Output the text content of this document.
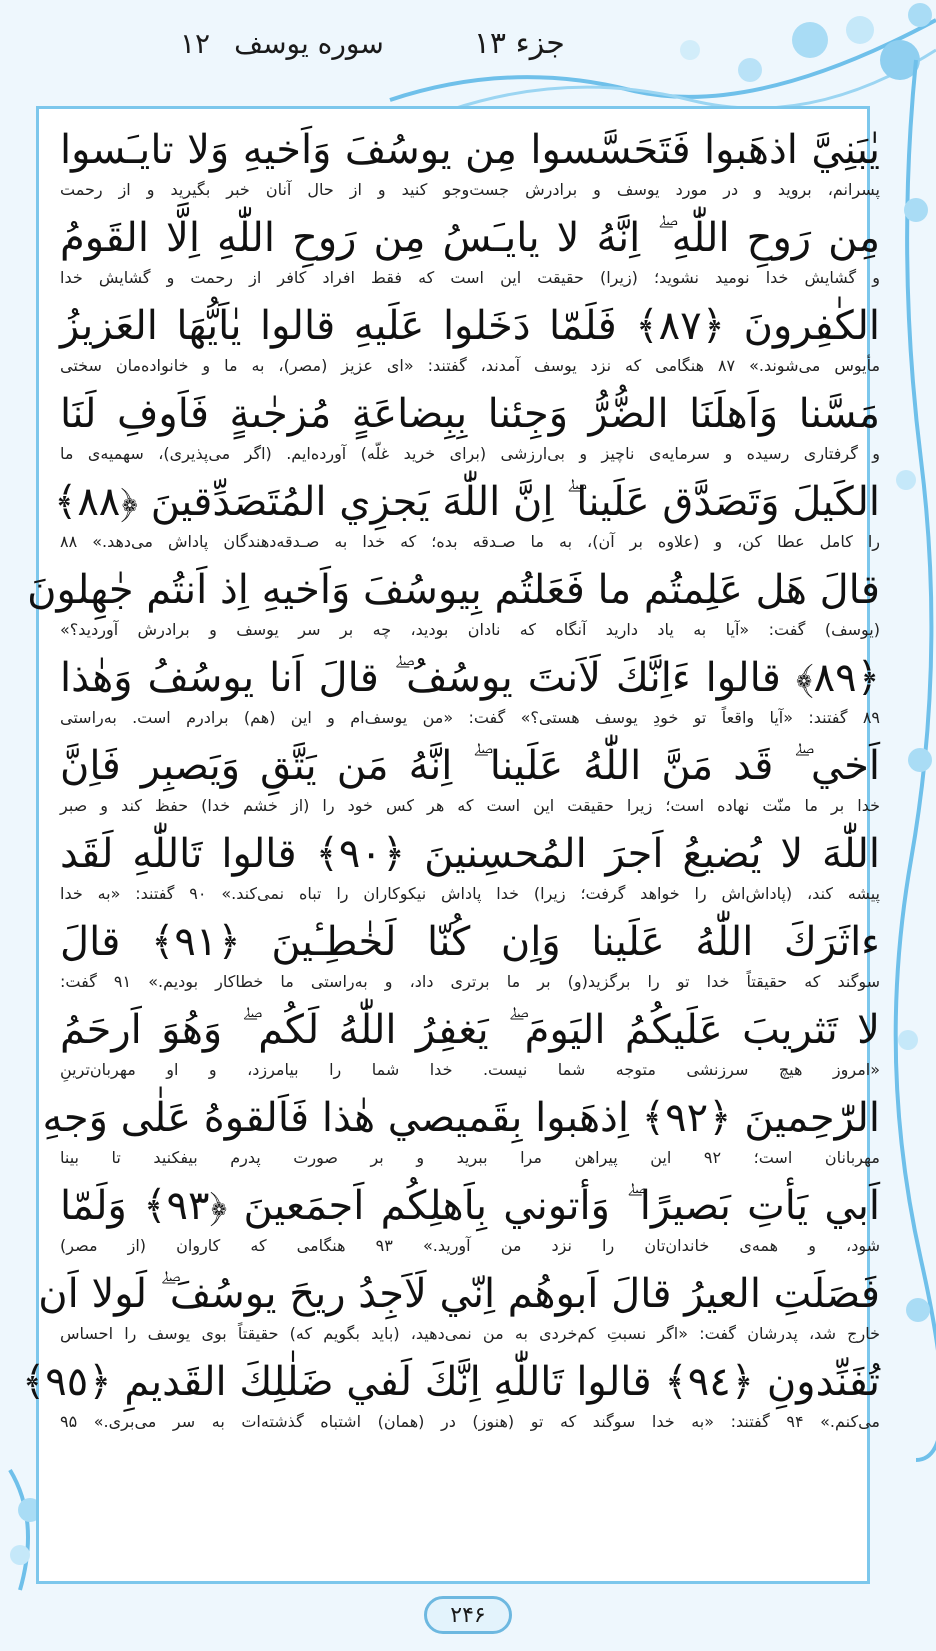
جزء ۱۳
سوره يوسف
۱۲
يٰبَنِيَّ اذهَبوا فَتَحَسَّسوا مِن يوسُفَ وَاَخيهِ وَلا تايـَسوا
پسرانم، بروید و در مورد یوسف و برادرش جست‌وجو کنید و از حال آنان خبر بگیرید و از رحمت
مِن رَوحِ اللّٰهِ ۖ اِنَّهُ لا يايـَسُ مِن رَوحِ اللّٰهِ اِلَّا القَومُ
و گشایش خدا نومید نشوید؛ (زیرا) حقیقت این است که فقط افراد کافر از رحمت و گشایش خدا
الكٰفِرونَ ﴿٨٧﴾ فَلَمّا دَخَلوا عَلَيهِ قالوا يٰاَيُّهَا العَزيزُ
مأیوس می‌شوند.» ۸۷ هنگامی که نزد یوسف آمدند، گفتند: «ای عزیز (مصر)، به ما و خانواده‌مان سختی
مَسَّنا وَاَهلَنَا الضُّرُّ وَجِئنا بِبِضاعَةٍ مُزجٰىةٍ فَاَوفِ لَنَا
و گرفتاری رسیده و سرمایه‌ی ناچیز و بی‌ارزشی (برای خرید غلّه) آورده‌ایم. (اگر می‌پذیری)، سهمیه‌ی ما
الكَيلَ وَتَصَدَّق عَلَينا ۖ اِنَّ اللّٰهَ يَجزِي المُتَصَدِّقينَ ﴿٨٨﴾
را کامل عطا کن، و (علاوه بر آن)، به ما صـدقه بده؛ که خدا به صـدقه‌دهندگان پاداش می‌دهد.» ۸۸
قالَ هَل عَلِمتُم ما فَعَلتُم بِيوسُفَ وَاَخيهِ اِذ اَنتُم جٰهِلونَ
(یوسف) گفت: «آیا به یاد دارید آنگاه که نادان بودید، چه بر سر یوسف و برادرش آوردید؟»
﴿٨٩﴾ قالوا ءَاِنَّكَ لَاَنتَ يوسُفُ ۖ قالَ اَنا يوسُفُ وَهٰذا
۸۹ گفتند: «آیا واقعاً تو خودِ یوسف هستی؟» گفت: «من یوسف‌ام و این (هم) برادرم است. به‌راستی
اَخي ۖ قَد مَنَّ اللّٰهُ عَلَينا ۖ اِنَّهُ مَن يَتَّقِ وَيَصبِر فَاِنَّ
خدا بر ما منّت نهاده است؛ زیرا حقیقت این است که هر کس خود را (از خشم خدا) حفظ کند و صبر
اللّٰهَ لا يُضيعُ اَجرَ المُحسِنينَ ﴿٩٠﴾ قالوا تَاللّٰهِ لَقَد
پیشه کند، (پاداش‌اش را خواهد گرفت؛ زیرا) خدا پاداش نیکوکاران را تباه نمی‌کند.» ۹۰ گفتند: «به خدا
ءاثَرَكَ اللّٰهُ عَلَينا وَاِن كُنّا لَخٰطِـٔينَ ﴿٩١﴾ قالَ
سوگند که حقیقتاً خدا تو را برگزید(و) بر ما برتری داد، و به‌راستی ما خطاکار بودیم.» ۹۱ گفت:
لا تَثريبَ عَلَيكُمُ اليَومَ ۖ يَغفِرُ اللّٰهُ لَكُم ۖ وَهُوَ اَرحَمُ
«امروز هیچ سرزنشی متوجه شما نیست. خدا شما را بیامرزد، و او مهربان‌ترینِ
الرّٰحِمينَ ﴿٩٢﴾ اِذهَبوا بِقَميصي هٰذا فَاَلقوهُ عَلٰى وَجهِ
مهربانان است؛ ۹۲ این پیراهن مرا ببرید و بر صورت پدرم بیفکنید تا بینا
اَبي يَأتِ بَصيرًا ۖ وَأتوني بِاَهلِكُم اَجمَعينَ ﴿٩٣﴾ وَلَمّا
شود، و همه‌ی خاندان‌تان را نزد من آورید.» ۹۳ هنگامی که کاروان (از مصر)
فَصَلَتِ العيرُ قالَ اَبوهُم اِنّي لَاَجِدُ ريحَ يوسُفَ ۖ لَولا اَن
خارج شد، پدرشان گفت: «اگر نسبتِ کم‌خردی به من نمی‌دهید، (باید بگویم که) حقیقتاً بوی یوسف را احساس
تُفَنِّدونِ ﴿٩٤﴾ قالوا تَاللّٰهِ اِنَّكَ لَفي ضَلٰلِكَ القَديمِ ﴿٩٥﴾
می‌کنم.» ۹۴ گفتند: «به خدا سوگند که تو (هنوز) در (همان) اشتباه گذشته‌ات به سر می‌بری.» ۹۵
۲۴۶
